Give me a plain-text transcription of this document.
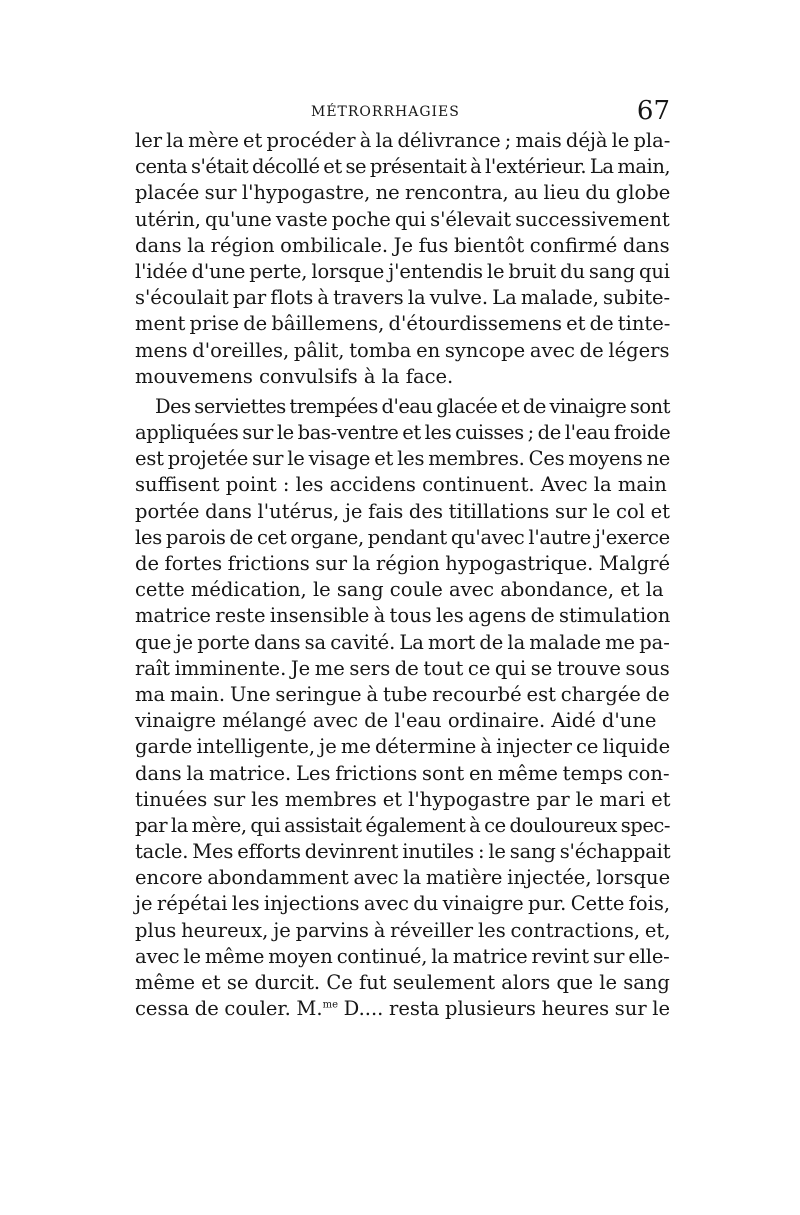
MÉTRORRHAGIES	67
ler la mère et procéder à la délivrance ; mais déjà le pla-
centa s'était décollé et se présentait à l'extérieur. La main,
placée sur l'hypogastre, ne rencontra, au lieu du globe
utérin, qu'une vaste poche qui s'élevait successivement
dans la région ombilicale. Je fus bientôt confirmé dans
l'idée d'une perte, lorsque j'entendis le bruit du sang qui
s'écoulait par flots à travers la vulve. La malade, subite-
ment prise de bâillemens, d'étourdissemens et de tinte-
mens d'oreilles, pâlit, tomba en syncope avec de légers
mouvemens convulsifs à la face.
Des serviettes trempées d'eau glacée et de vinaigre sont
appliquées sur le bas-ventre et les cuisses ; de l'eau froide
est projetée sur le visage et les membres. Ces moyens ne
suffisent point : les accidens continuent. Avec la main
portée dans l'utérus, je fais des titillations sur le col et
les parois de cet organe, pendant qu'avec l'autre j'exerce
de fortes frictions sur la région hypogastrique. Malgré
cette médication, le sang coule avec abondance, et la
matrice reste insensible à tous les agens de stimulation
que je porte dans sa cavité. La mort de la malade me pa-
raît imminente. Je me sers de tout ce qui se trouve sous
ma main. Une seringue à tube recourbé est chargée de
vinaigre mélangé avec de l'eau ordinaire. Aidé d'une
garde intelligente, je me détermine à injecter ce liquide
dans la matrice. Les frictions sont en même temps con-
tinuées sur les membres et l'hypogastre par le mari et
par la mère, qui assistait également à ce douloureux spec-
tacle. Mes efforts devinrent inutiles : le sang s'échappait
encore abondamment avec la matière injectée, lorsque
je répétai les injections avec du vinaigre pur. Cette fois,
plus heureux, je parvins à réveiller les contractions, et,
avec le même moyen continué, la matrice revint sur elle-
même et se durcit. Ce fut seulement alors que le sang
cessa de couler. M.$^{me}$ D.... resta plusieurs heures sur le
